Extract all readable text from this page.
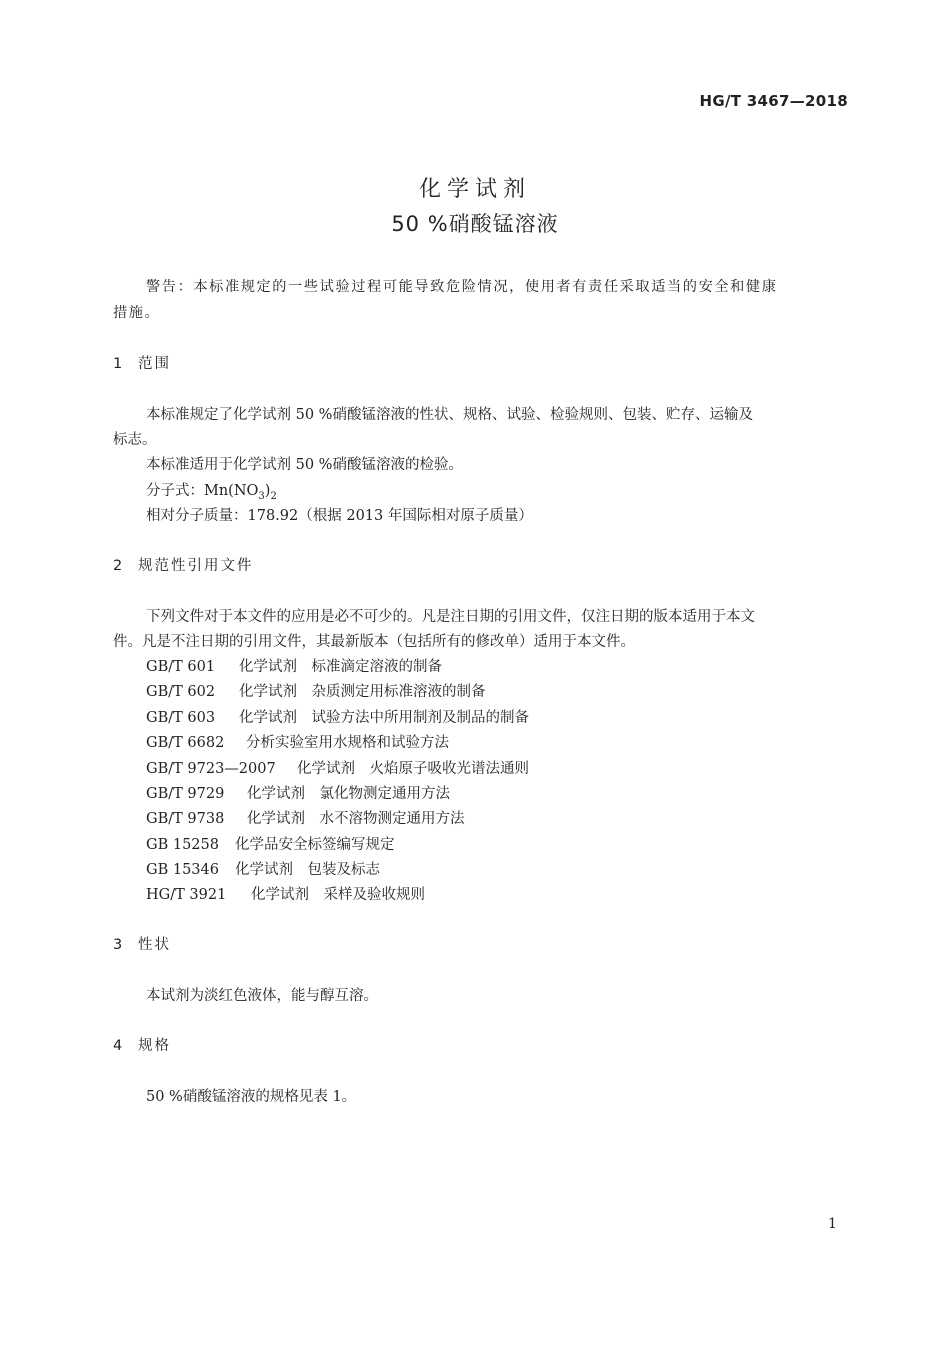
HG/T 3467—2018
化学试剂
50 %硝酸锰溶液
警告：本标准规定的一些试验过程可能导致危险情况，使用者有责任采取适当的安全和健康
措施。
1 范围
本标准规定了化学试剂 50 %硝酸锰溶液的性状、规格、试验、检验规则、包装、贮存、运输及
标志。
本标准适用于化学试剂 50 %硝酸锰溶液的检验。
分子式：$Mn(NO_3)_2$
相对分子质量：178.92（根据 2013 年国际相对原子质量）
2 规范性引用文件
下列文件对于本文件的应用是必不可少的。凡是注日期的引用文件，仅注日期的版本适用于本文
件。凡是不注日期的引用文件，其最新版本（包括所有的修改单）适用于本文件。
GB/T 601 化学试剂　标准滴定溶液的制备
GB/T 602 化学试剂　杂质测定用标准溶液的制备
GB/T 603 化学试剂　试验方法中所用制剂及制品的制备
GB/T 6682 分析实验室用水规格和试验方法
GB/T 9723—2007 化学试剂　火焰原子吸收光谱法通则
GB/T 9729 化学试剂　氯化物测定通用方法
GB/T 9738 化学试剂　水不溶物测定通用方法
GB 15258 化学品安全标签编写规定
GB 15346 化学试剂　包装及标志
HG/T 3921 化学试剂　采样及验收规则
3 性状
本试剂为淡红色液体，能与醇互溶。
4 规格
50 %硝酸锰溶液的规格见表 1。
1
